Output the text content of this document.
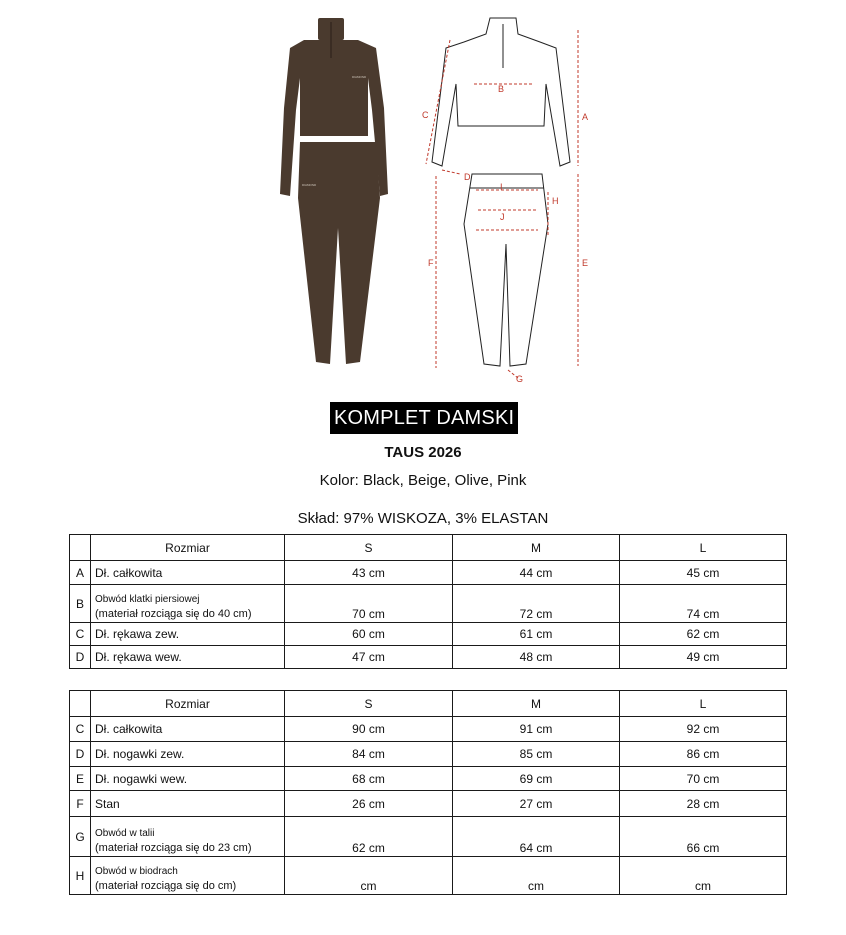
DIAMOND
DIAMOND
A
B
C
D
E
F
G
H
I
J
KOMPLET DAMSKI
TAUS 2026
Kolor: Black, Beige, Olive, Pink
Skład: 97% WISKOZA, 3% ELASTAN
	Rozmiar	S	M	L
A	Dł. całkowita	43 cm	44 cm	45 cm
B	Obwód klatki piersiowej
(materiał rozciąga się do 40 cm)	70 cm	72 cm	74 cm
C	Dł. rękawa zew.	60 cm	61 cm	62 cm
D	Dł. rękawa wew.	47 cm	48 cm	49 cm
	Rozmiar	S	M	L
C	Dł. całkowita	90 cm	91 cm	92 cm
D	Dł. nogawki zew.	84 cm	85 cm	86 cm
E	Dł. nogawki wew.	68 cm	69 cm	70 cm
F	Stan	26 cm	27 cm	28 cm
G	Obwód w talii
(materiał rozciąga się do 23 cm)	62 cm	64 cm	66 cm
H	Obwód w biodrach
(materiał rozciąga się do cm)	cm	cm	cm
